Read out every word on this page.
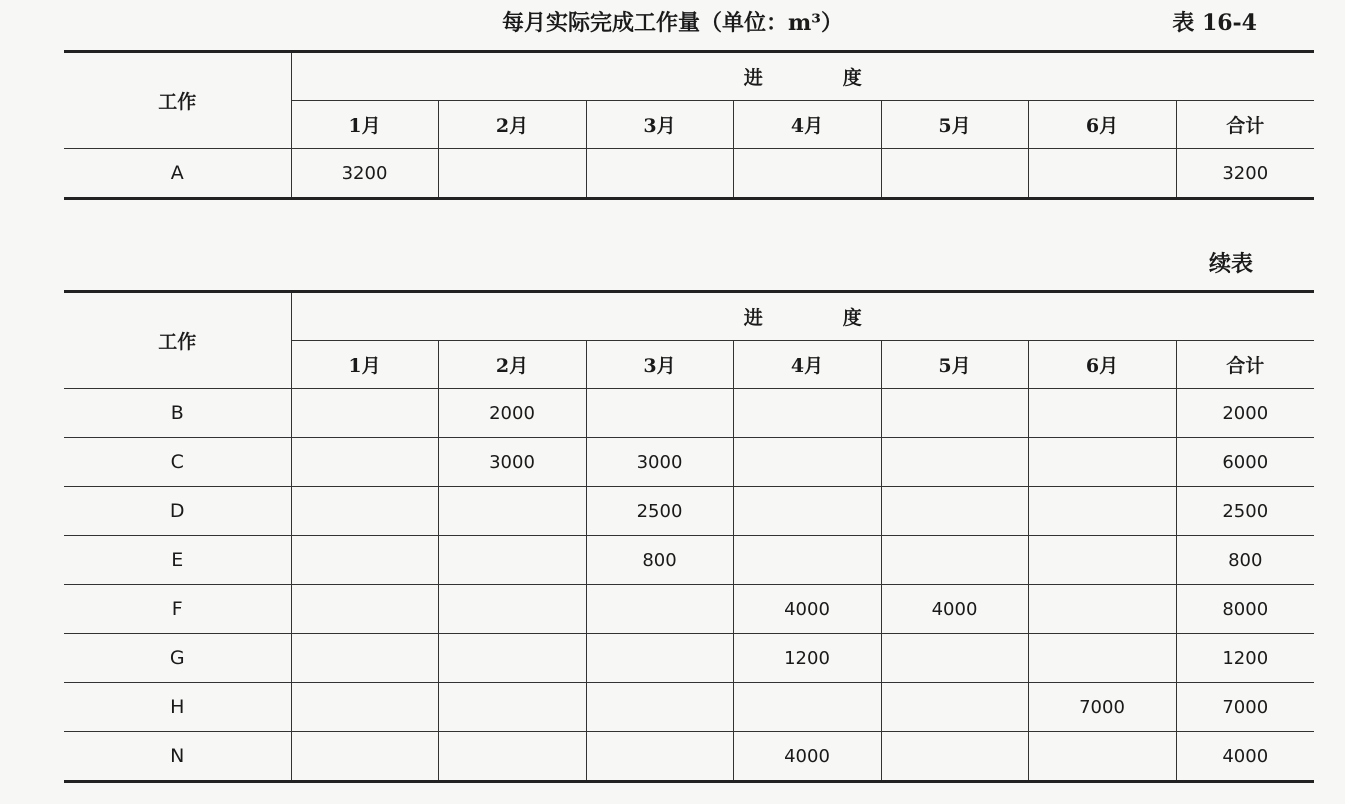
每月实际完成工作量（单位：m³）	表 16-4
工作	进度						
	1月	2月	3月	4月	5月	6月	合计
A	3200						3200
续表
工作	进度						
	1月	2月	3月	4月	5月	6月	合计
B		2000					2000
C		3000	3000				6000
D			2500				2500
E			800				800
F				4000	4000		8000
G				1200			1200
H						7000	7000
N				4000			4000
